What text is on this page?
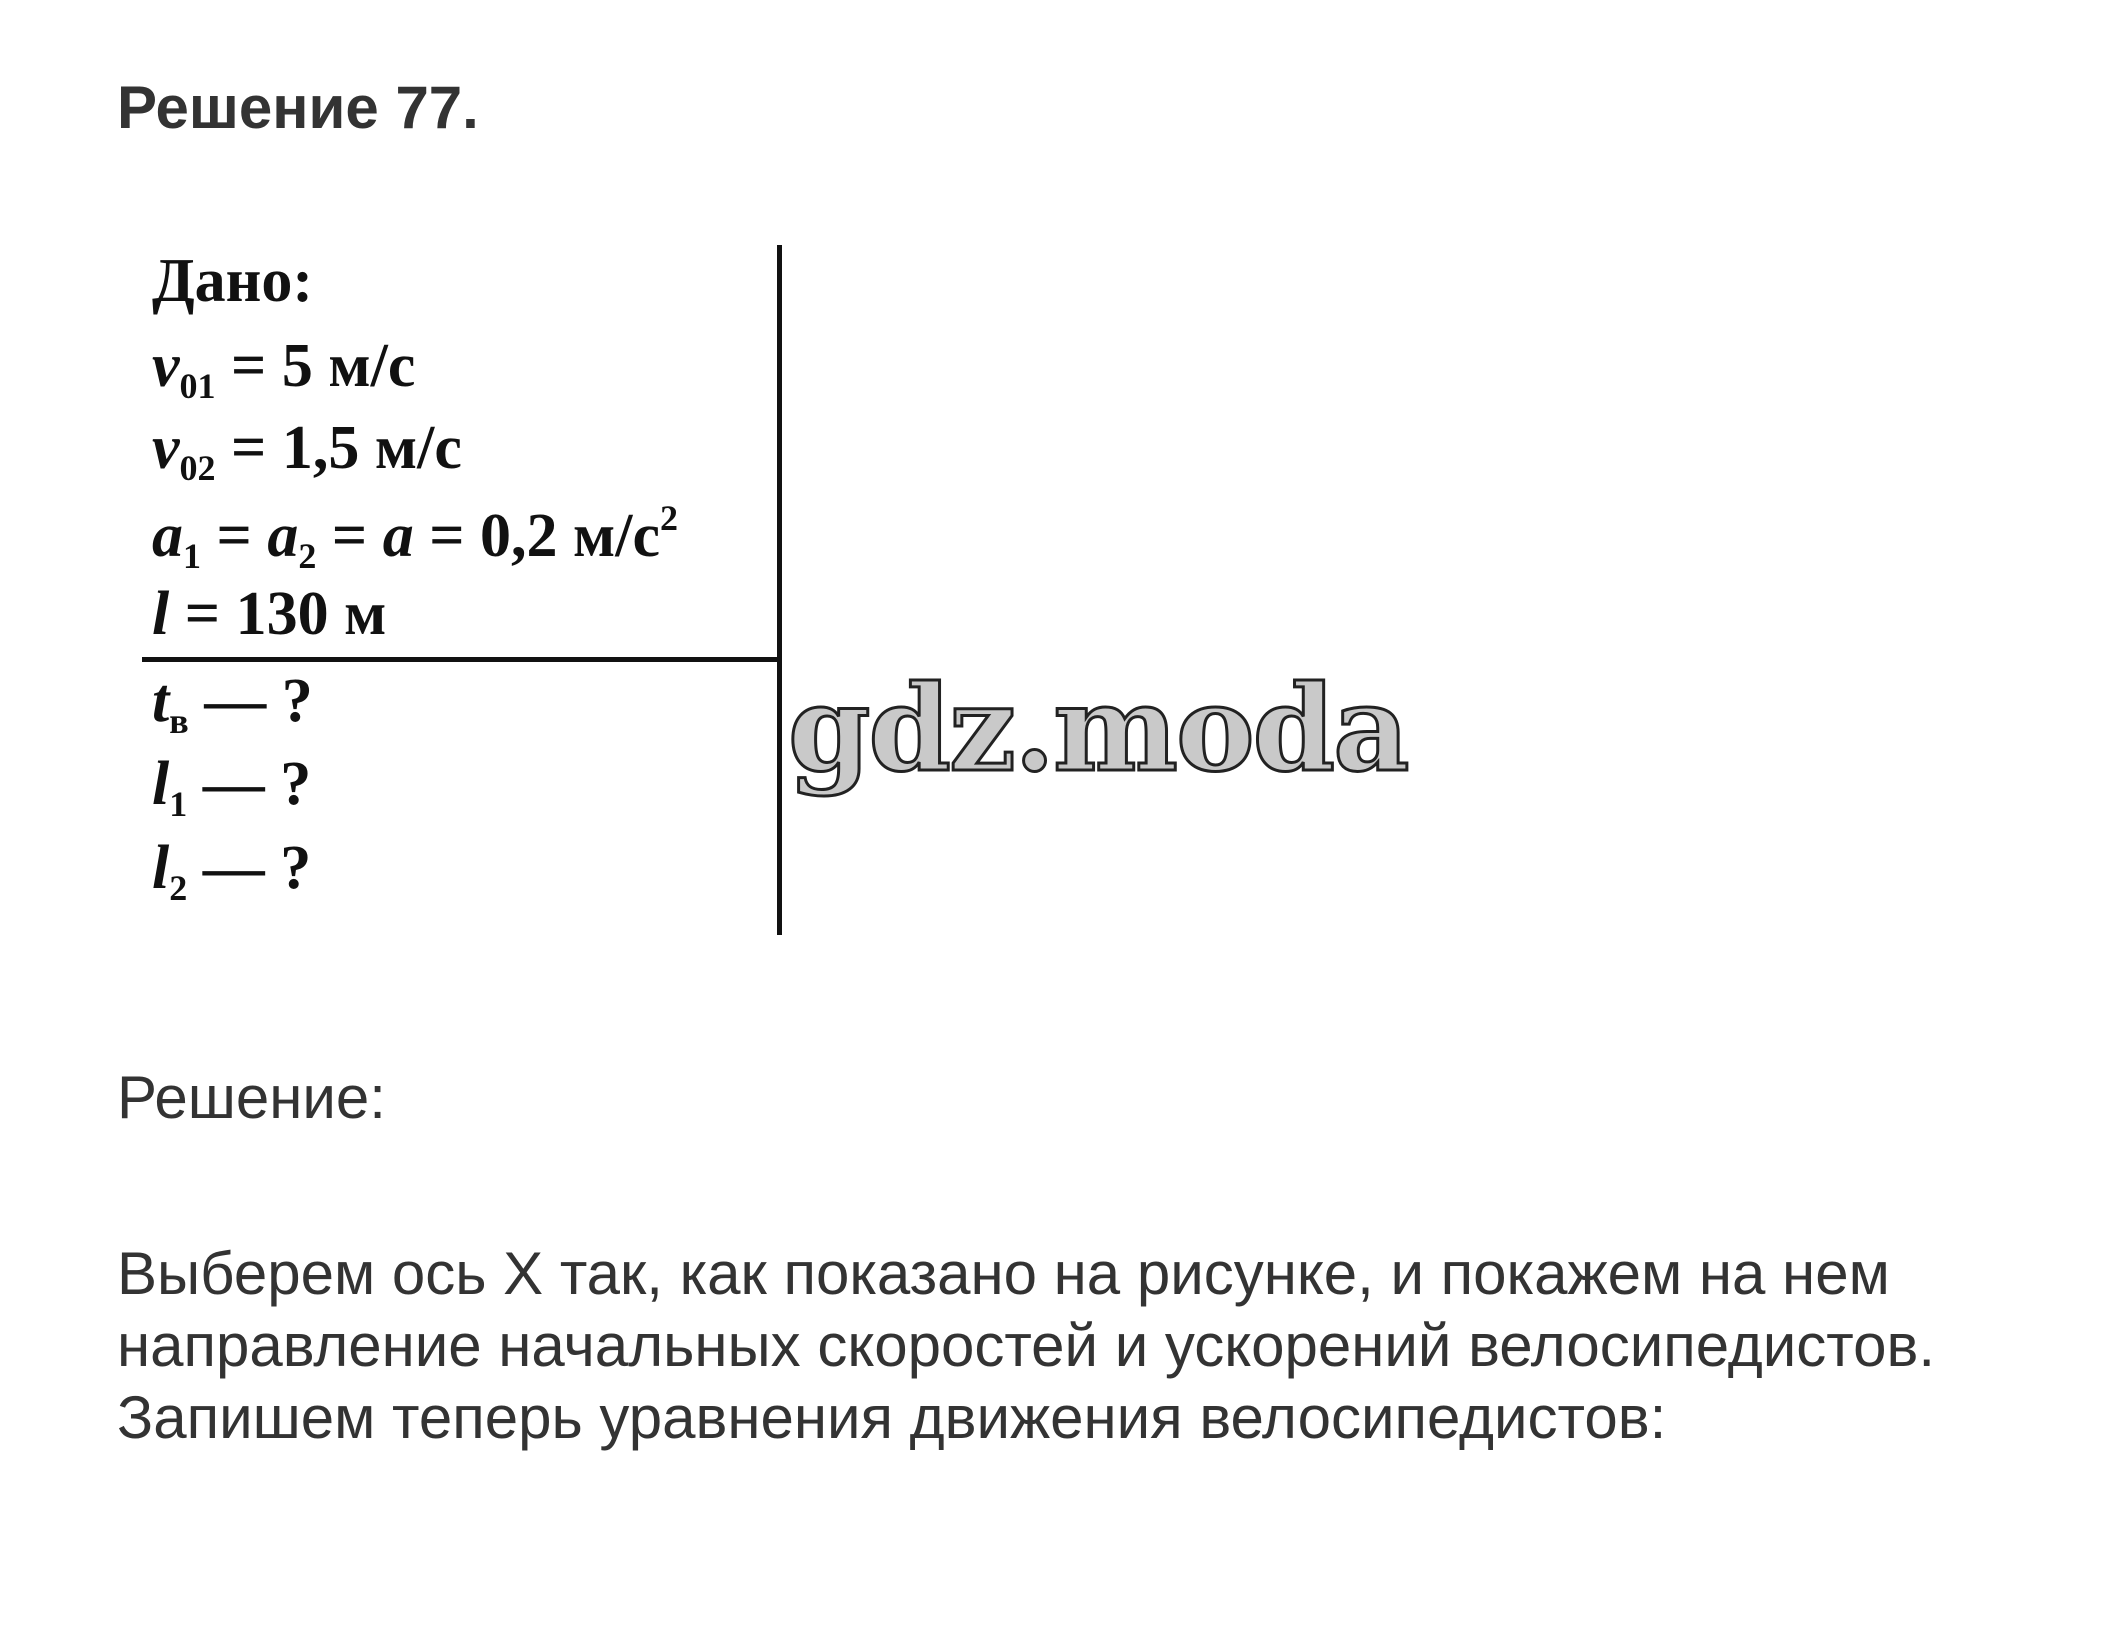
Решение 77.
Дано:
$v_{01} = 5$ м/с
$v_{02} = 1,5$ м/с
$a_1 = a_2 = a = 0,2$ $м/с^2$
l = 130 м
$t_в$ — ?
$l_1$ — ?
$l_2$ — ?
gdz.moda
Решение:
Выберем ось X так, как показано на рисунке, и покажем на нем
направление начальных скоростей и ускорений велосипедистов.
Запишем теперь уравнения движения велосипедистов:
